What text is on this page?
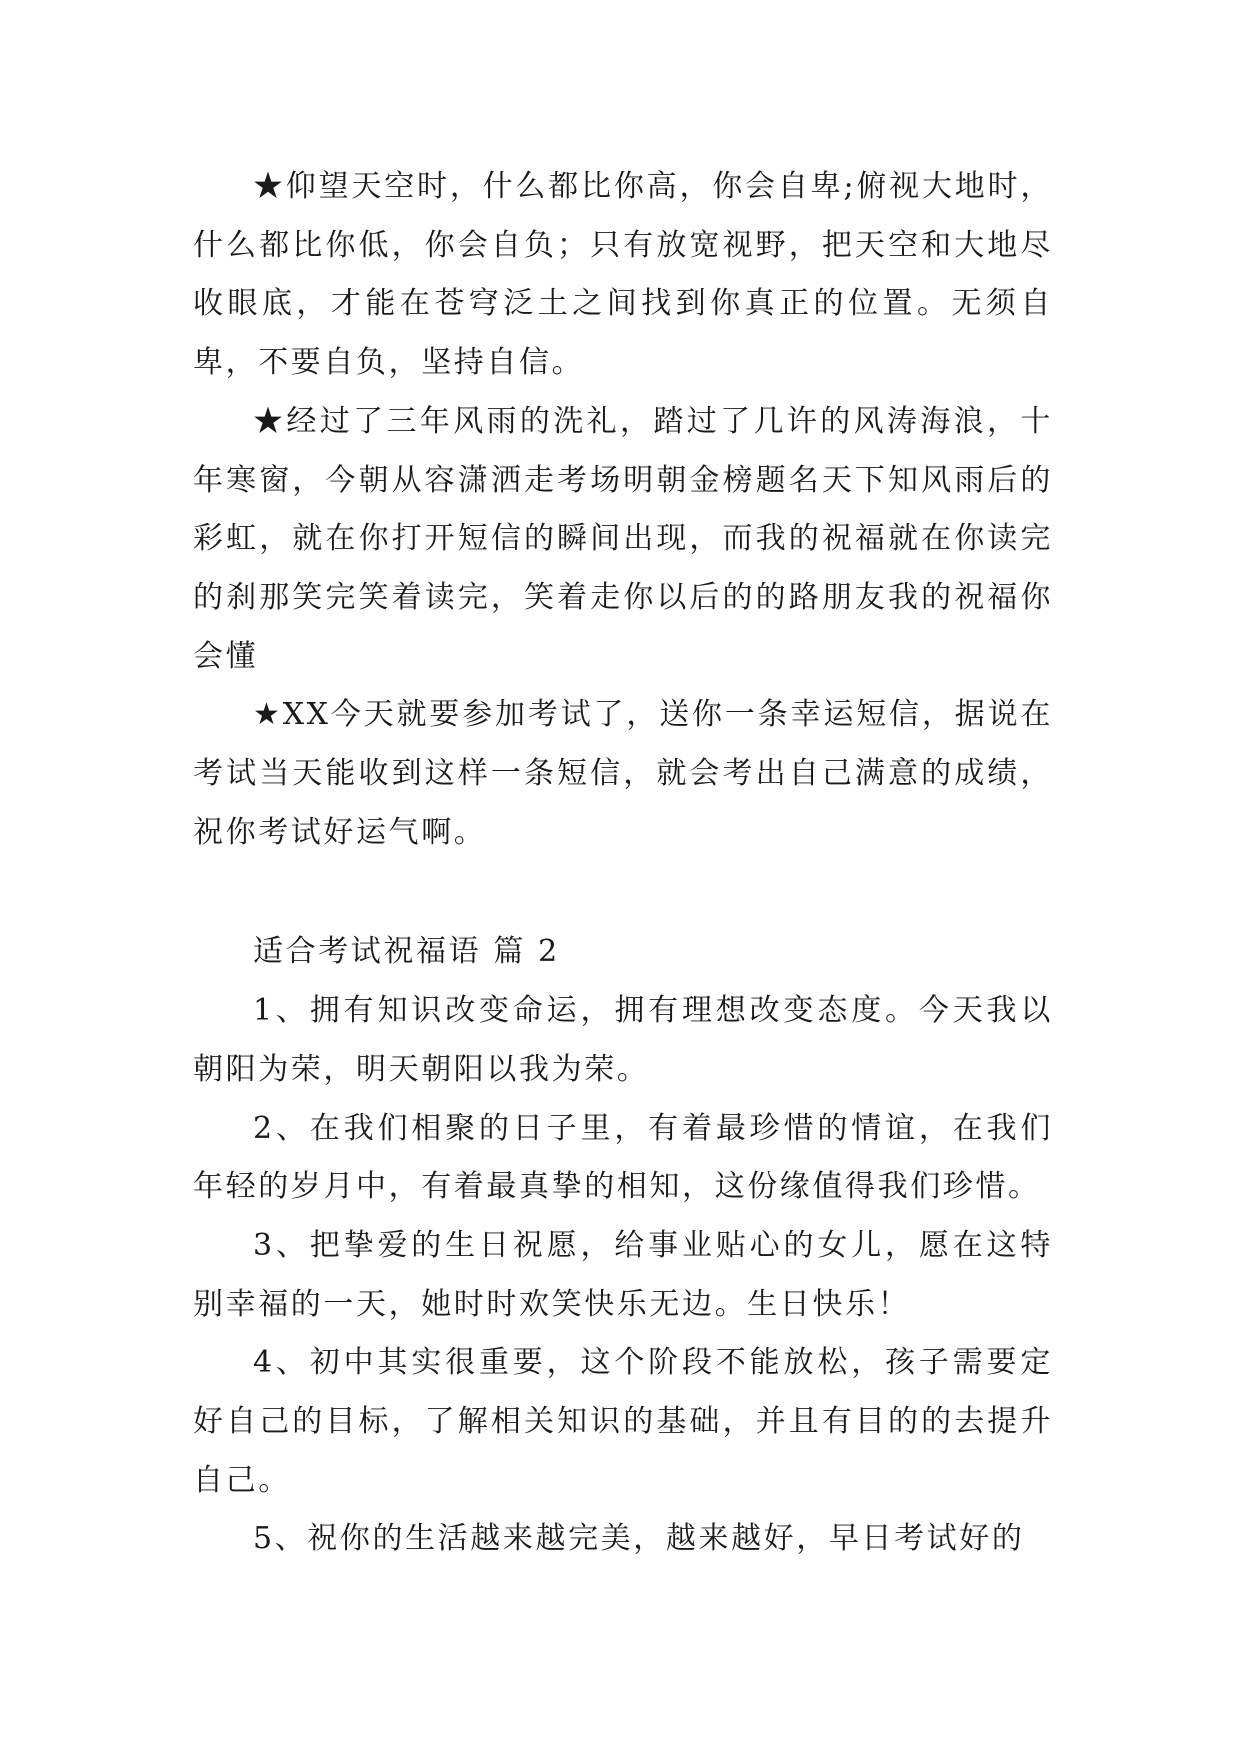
★仰望天空时，什么都比你高，你会自卑;俯视大地时，什么都比你低，你会自负；只有放宽视野，把天空和大地尽收眼底，才能在苍穹泛土之间找到你真正的位置。无须自卑，不要自负，坚持自信。

★经过了三年风雨的洗礼，踏过了几许的风涛海浪，十年寒窗，今朝从容潇洒走考场明朝金榜题名天下知风雨后的彩虹，就在你打开短信的瞬间出现，而我的祝福就在你读完的刹那笑完笑着读完，笑着走你以后的的路朋友我的祝福你会懂

★XX今天就要参加考试了，送你一条幸运短信，据说在考试当天能收到这样一条短信，就会考出自己满意的成绩，祝你考试好运气啊。

适合考试祝福语 篇 2

1、拥有知识改变命运，拥有理想改变态度。今天我以朝阳为荣，明天朝阳以我为荣。

2、在我们相聚的日子里，有着最珍惜的情谊，在我们年轻的岁月中，有着最真挚的相知，这份缘值得我们珍惜。

3、把挚爱的生日祝愿，给事业贴心的女儿，愿在这特别幸福的一天，她时时欢笑快乐无边。生日快乐！

4、初中其实很重要，这个阶段不能放松，孩子需要定好自己的目标，了解相关知识的基础，并且有目的的去提升自己。

5、祝你的生活越来越完美，越来越好，早日考试好的
